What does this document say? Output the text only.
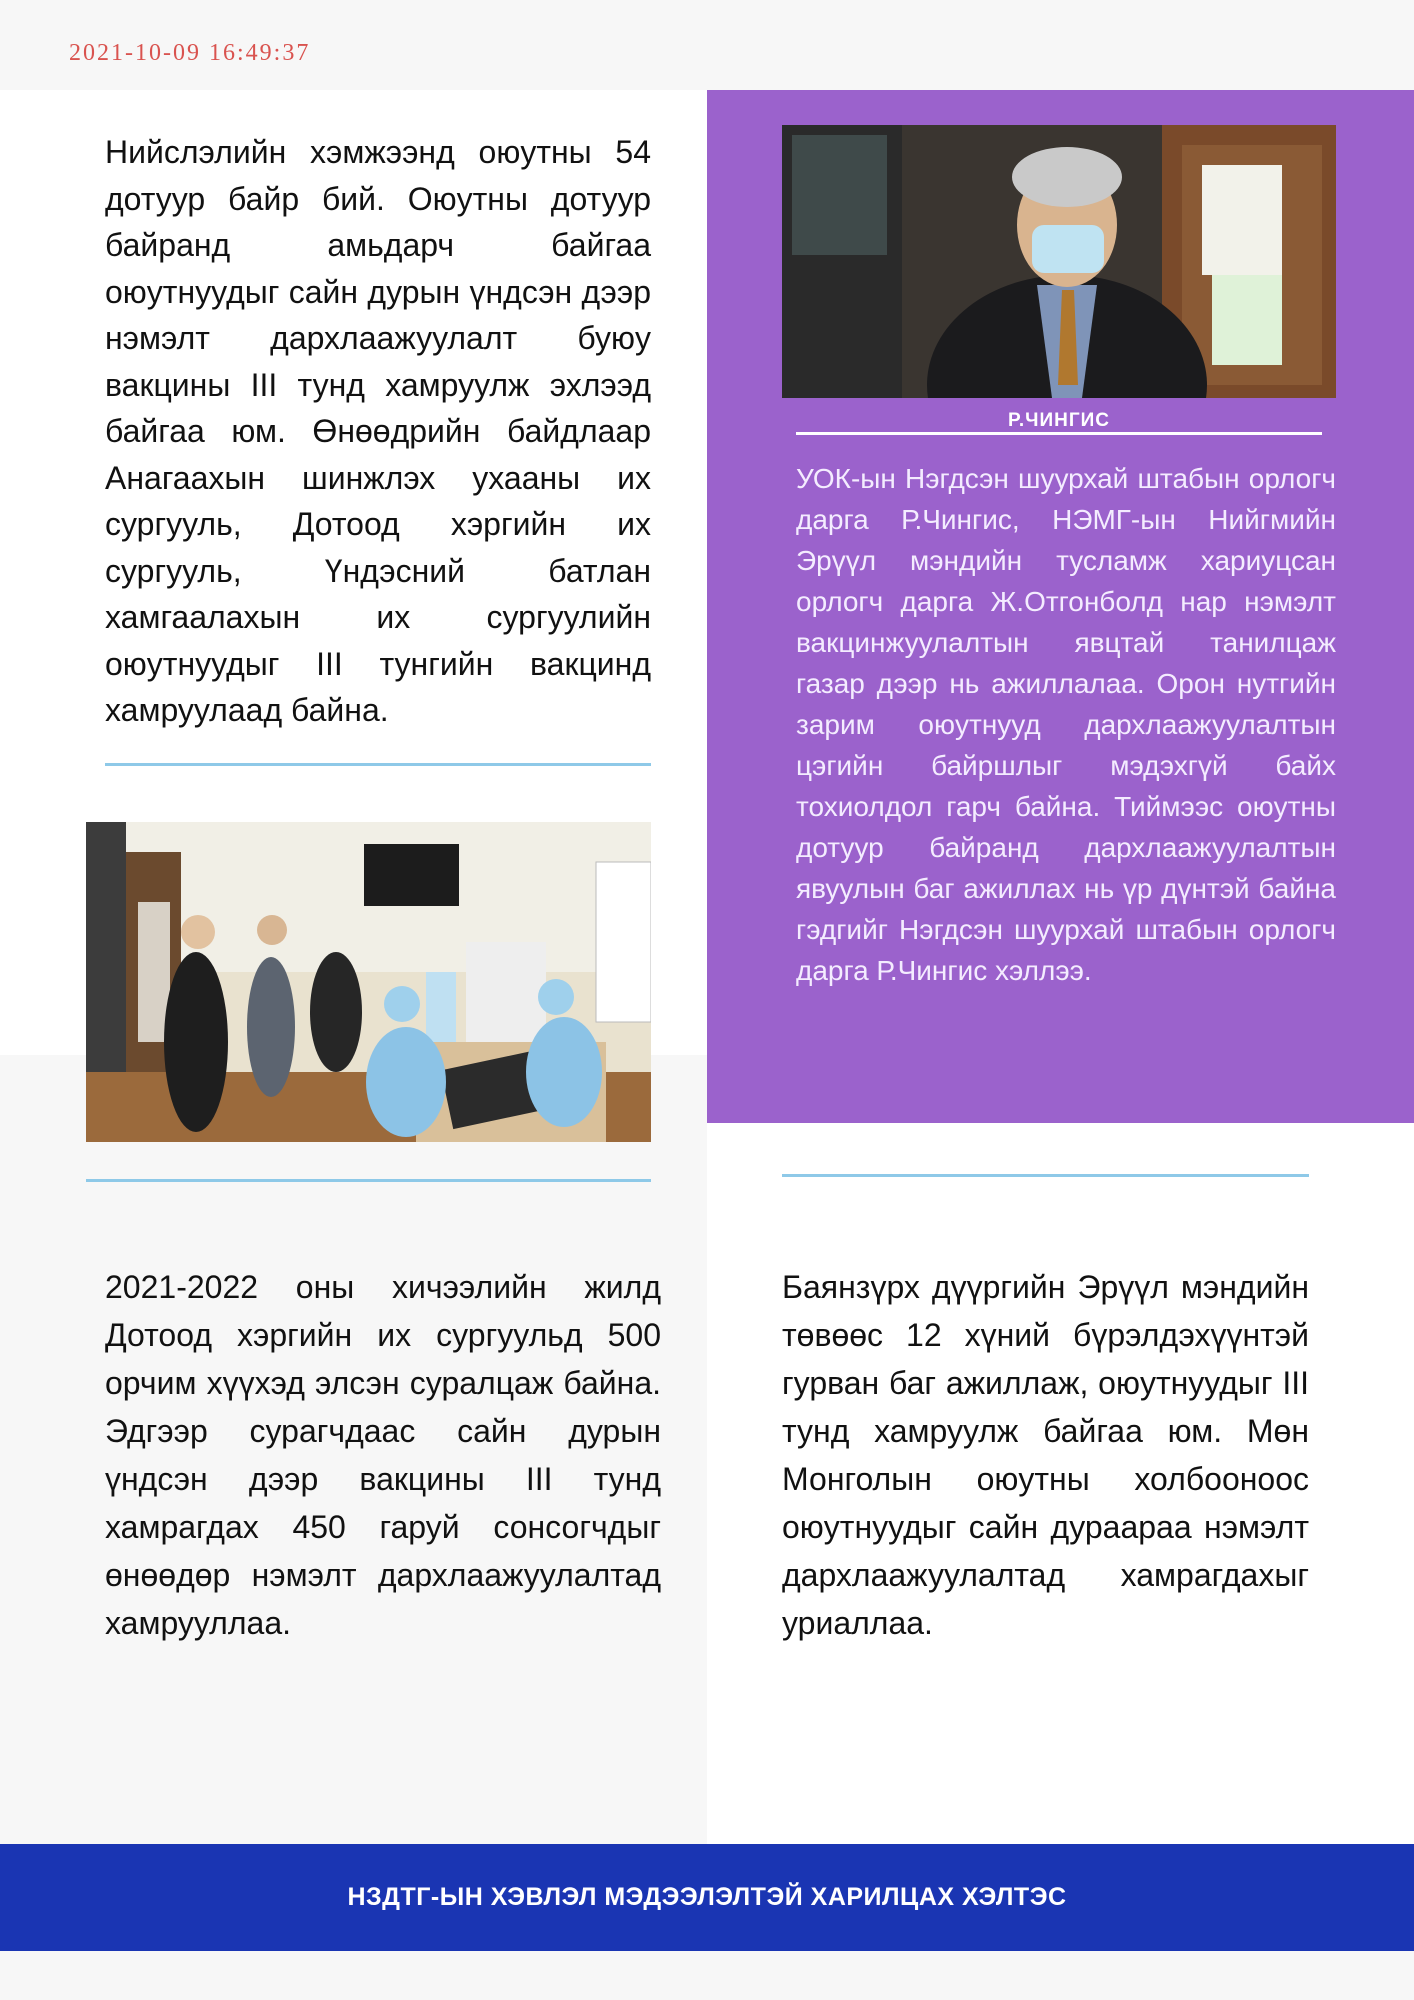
2021-10-09 16:49:37

Нийслэлийн хэмжээнд оюутны 54 дотуур байр бий. Оюутны дотуур байранд амьдарч байгаа оюутнуудыг сайн дурын үндсэн дээр нэмэлт дархлаажуулалт буюу вакцины III тунд хамруулж эхлээд байгаа юм. Өнөөдрийн байдлаар Анагаахын шинжлэх ухааны их сургууль, Дотоод хэргийн их сургууль, Үндэсний батлан хамгаалахын их сургуулийн оюутнуудыг III тунгийн вакцинд хамруулаад байна.

2021-2022 оны хичээлийн жилд Дотоод хэргийн их сургуульд 500 орчим хүүхэд элсэн суралцаж байна. Эдгээр сурагчдаас сайн дурын үндсэн дээр вакцины III тунд хамрагдах 450 гаруй сонсогчдыг өнөөдөр нэмэлт дархлаажуулалтад хамрууллаа.

Р.ЧИНГИС

УОК-ын Нэгдсэн шуурхай штабын орлогч дарга Р.Чингис, НЭМГ-ын Нийгмийн Эрүүл мэндийн тусламж хариуцсан орлогч дарга Ж.Отгонболд нар нэмэлт вакцинжуулалтын явцтай танилцаж газар дээр нь ажиллалаа. Орон нутгийн зарим оюутнууд дархлаажуулалтын цэгийн байршлыг мэдэхгүй байх тохиолдол гарч байна. Тиймээс оюутны дотуур байранд дархлаажуулалтын явуулын баг ажиллах нь үр дүнтэй байна гэдгийг Нэгдсэн шуурхай штабын орлогч дарга Р.Чингис хэллээ.

Баянзүрх дүүргийн Эрүүл мэндийн төвөөс 12 хүний бүрэлдэхүүнтэй гурван баг ажиллаж, оюутнуудыг III тунд хамруулж байгаа юм. Мөн Монголын оюутны холбооноос оюутнуудыг сайн дураараа нэмэлт дархлаажуулалтад хамрагдахыг уриаллаа.

НЗДТГ-ЫН ХЭВЛЭЛ МЭДЭЭЛЭЛТЭЙ ХАРИЛЦАХ ХЭЛТЭС
